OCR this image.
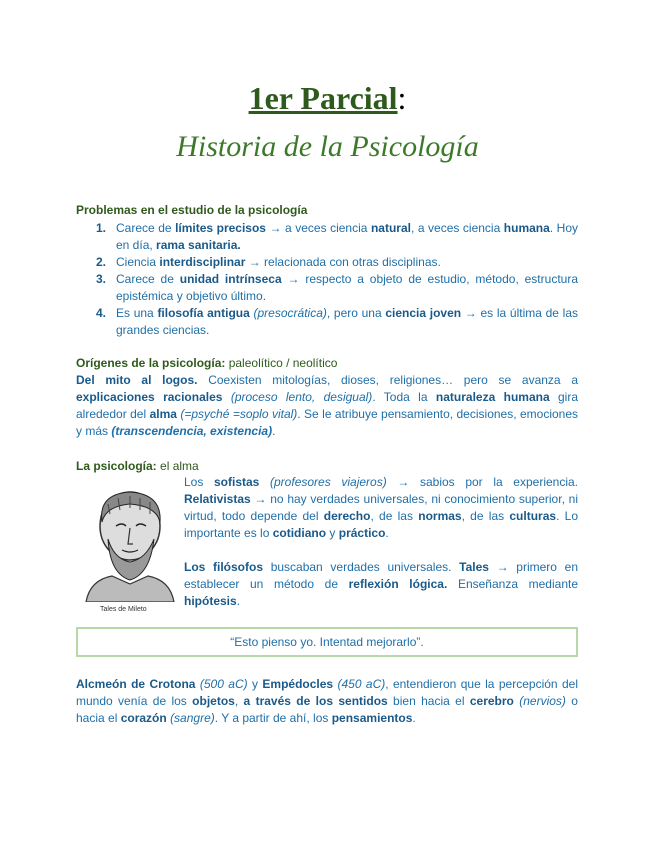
1er Parcial:
Historia de la Psicología
Problemas en el estudio de la psicología
1. Carece de límites precisos → a veces ciencia natural, a veces ciencia humana. Hoy en día, rama sanitaria.
2. Ciencia interdisciplinar → relacionada con otras disciplinas.
3. Carece de unidad intrínseca → respecto a objeto de estudio, método, estructura epistémica y objetivo último.
4. Es una filosofía antigua (presocrática), pero una ciencia joven → es la última de las grandes ciencias.
Orígenes de la psicología: paleolítico / neolítico
Del mito al logos. Coexisten mitologías, dioses, religiones… pero se avanza a explicaciones racionales (proceso lento, desigual). Toda la naturaleza humana gira alrededor del alma (=psyché =soplo vital). Se le atribuye pensamiento, decisiones, emociones y más (transcendencia, existencia).
La psicología: el alma
Tales de Mileto
Los sofistas (profesores viajeros) → sabios por la experiencia. Relativistas → no hay verdades universales, ni conocimiento superior, ni virtud, todo depende del derecho, de las normas, de las culturas. Lo importante es lo cotidiano y práctico.
Los filósofos buscaban verdades universales. Tales → primero en establecer un método de reflexión lógica. Enseñanza mediante hipótesis.
“Esto pienso yo. Intentad mejorarlo”.
Alcmeón de Crotona (500 aC) y Empédocles (450 aC), entendieron que la percepción del mundo venía de los objetos, a través de los sentidos bien hacia el cerebro (nervios) o hacia el corazón (sangre). Y a partir de ahí, los pensamientos.
